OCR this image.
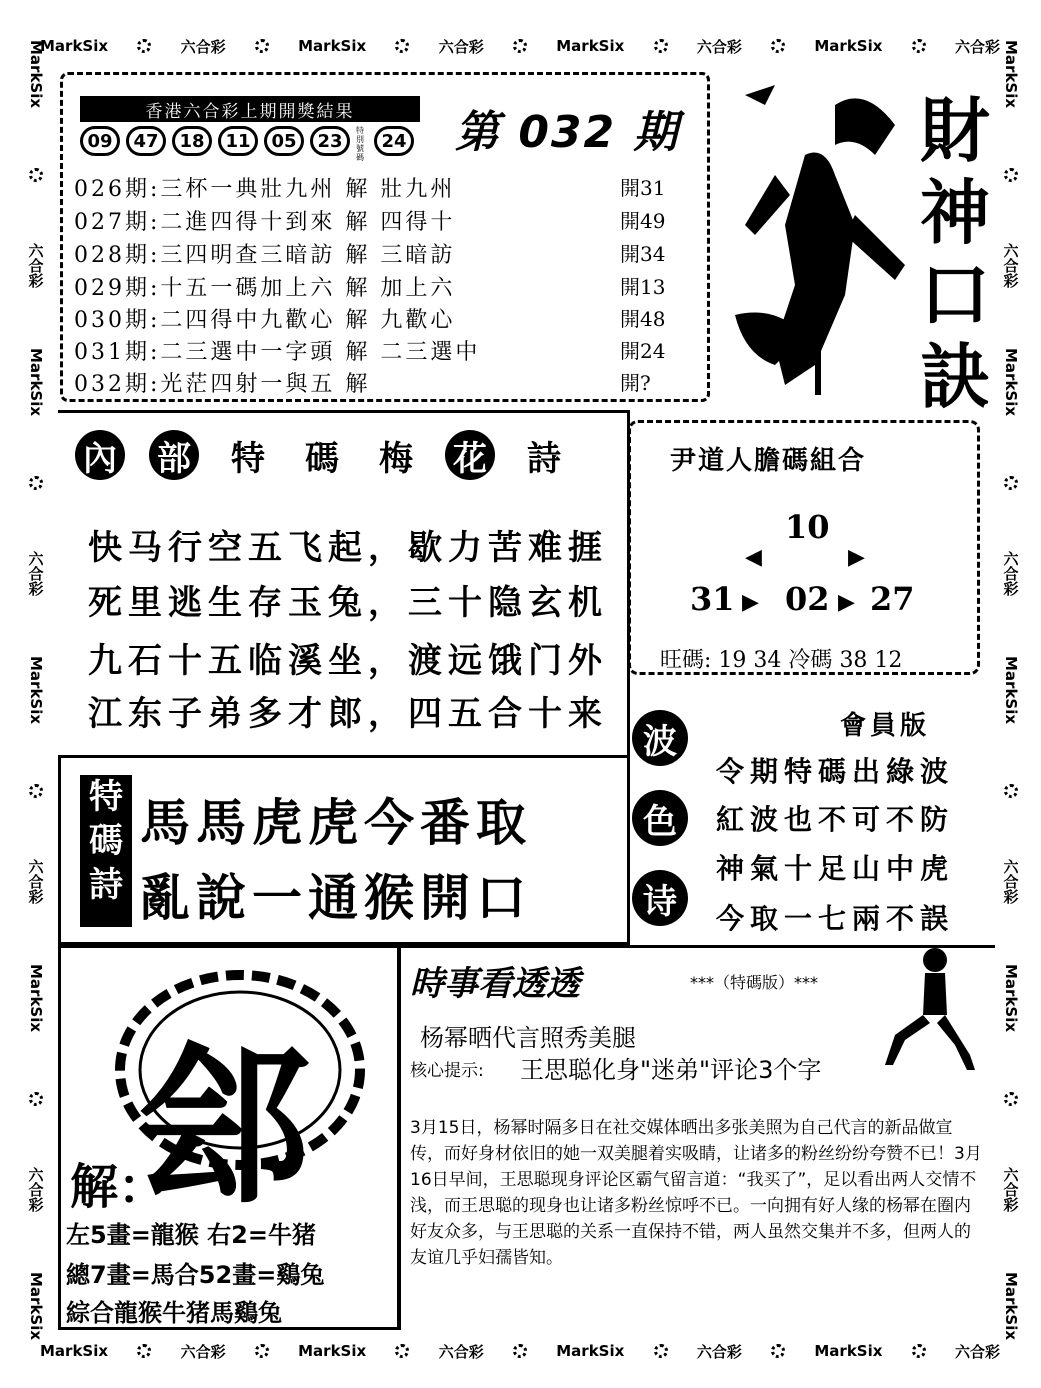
MarkSix	六合彩	MarkSix	六合彩	MarkSix	六合彩	MarkSix	六合彩
MarkSix	六合彩	MarkSix	六合彩	MarkSix	六合彩	MarkSix	六合彩
MarkSix
六合彩
MarkSix
六合彩
MarkSix
六合彩
MarkSix
六合彩
MarkSix
MarkSix
六合彩
MarkSix
六合彩
MarkSix
六合彩
MarkSix
六合彩
MarkSix
香港六合彩上期開獎結果
09	47	18	11	05	23	特別號碼
24 第 032 期
026期:三杯一典壯九州 解 壯九州	開31
027期:二進四得十到來 解 四得十	開49
028期:三四明查三暗訪 解 三暗訪	開34
029期:十五一碼加上六 解 加上六	開13
030期:二四得中九歡心 解 九歡心	開48
031期:二三選中一字頭 解 二三選中	開24
032期:光茫四射一與五 解	開?
財
神
口
訣
內 部 特 碼 梅 花 詩
快马行空五飞起，歇力苦难捱
死里逃生存玉兔，三十隐玄机
九石十五临溪坐，渡远饿门外
江东子弟多才郎，四五合十来
尹道人膽碼組合
10
◀	▶
31 ▶ 02 ▶ 27
旺碼: 19 34 冷碼 38 12
特
碼
詩
馬馬虎虎今番取
亂說一通猴開口
會員版
波
色
诗
令期特碼出綠波
紅波也不可不防
神氣十足山中虎
今取一七兩不誤
時事看透透	***（特碼版）***
杨幂晒代言照秀美腿
核心提示: 王思聪化身"迷弟"评论3个字
3月15日，杨幂时隔多日在社交媒体晒出多张美照为自己代言的新品做宣传，而好身材依旧的她一双美腿着实吸睛，让诸多的粉丝纷纷夸赞不已！3月16日早间，王思聪现身评论区霸气留言道：“我买了”，足以看出两人交情不浅，而王思聪的现身也让诸多粉丝惊呼不已。一向拥有好人缘的杨幂在圈内好友众多，与王思聪的关系一直保持不错，两人虽然交集并不多，但两人的友谊几乎妇孺皆知。
郐
解：
左5畫=龍猴 右2=牛猪
總7畫=馬合52畫=鷄兔
綜合龍猴牛猪馬鷄兔
